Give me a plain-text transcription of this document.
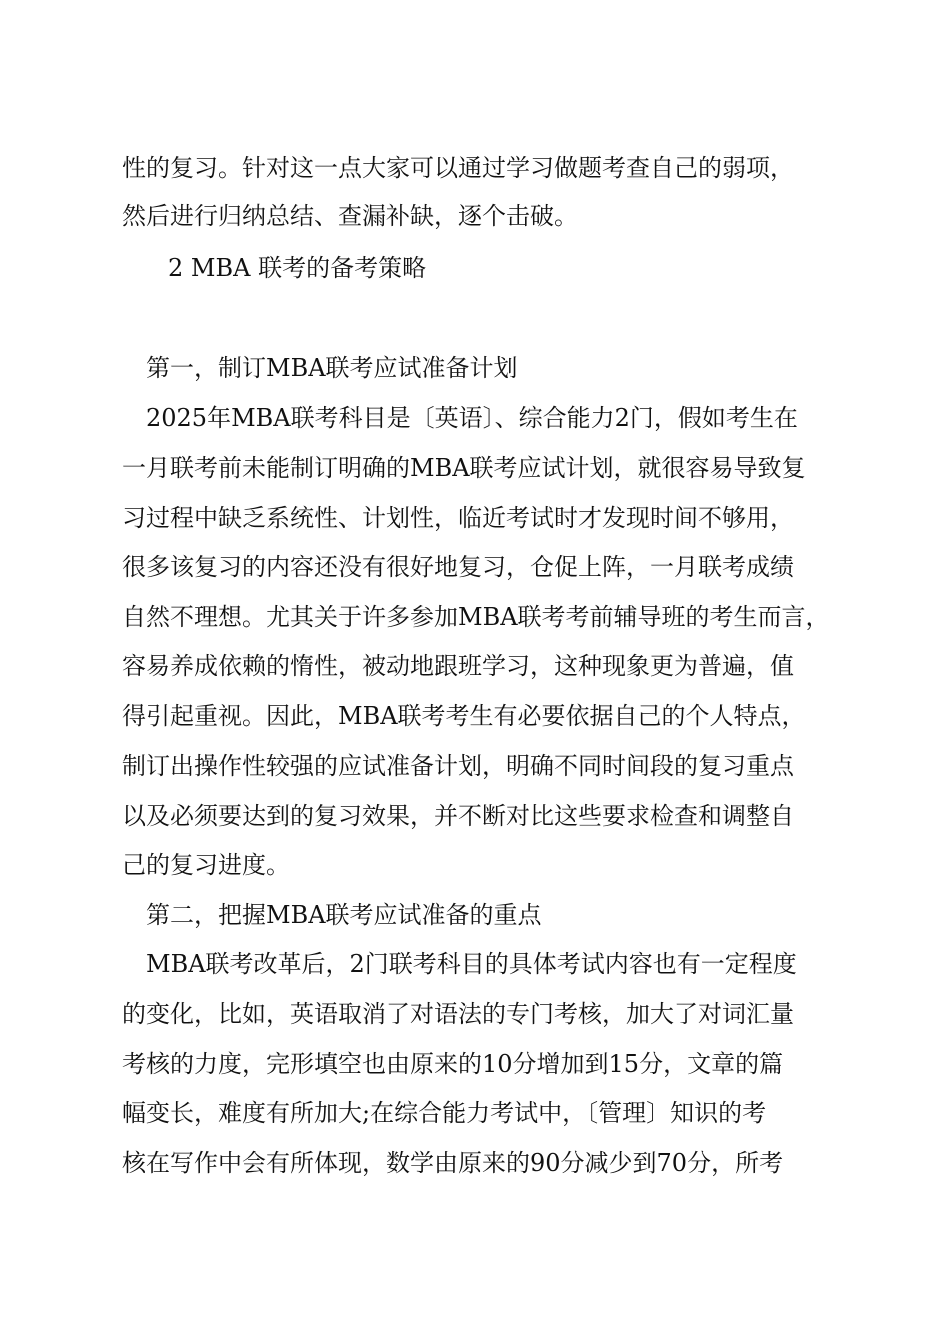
性的复习。针对这一点大家可以通过学习做题考查自己的弱项，
然后进行归纳总结、查漏补缺，逐个击破。
2 MBA 联考的备考策略
第一，制订MBA联考应试准备计划
2025年MBA联考科目是〔英语〕、综合能力2门，假如考生在
一月联考前未能制订明确的MBA联考应试计划，就很容易导致复
习过程中缺乏系统性、计划性，临近考试时才发现时间不够用，
很多该复习的内容还没有很好地复习，仓促上阵，一月联考成绩
自然不理想。尤其关于许多参加MBA联考考前辅导班的考生而言，
容易养成依赖的惰性，被动地跟班学习，这种现象更为普遍，值
得引起重视。因此，MBA联考考生有必要依据自己的个人特点，
制订出操作性较强的应试准备计划，明确不同时间段的复习重点
以及必须要达到的复习效果，并不断对比这些要求检查和调整自
己的复习进度。
第二，把握MBA联考应试准备的重点
MBA联考改革后，2门联考科目的具体考试内容也有一定程度
的变化，比如，英语取消了对语法的专门考核，加大了对词汇量
考核的力度，完形填空也由原来的10分增加到15分，文章的篇
幅变长，难度有所加大;在综合能力考试中，〔管理〕知识的考
核在写作中会有所体现，数学由原来的90分减少到70分，所考
